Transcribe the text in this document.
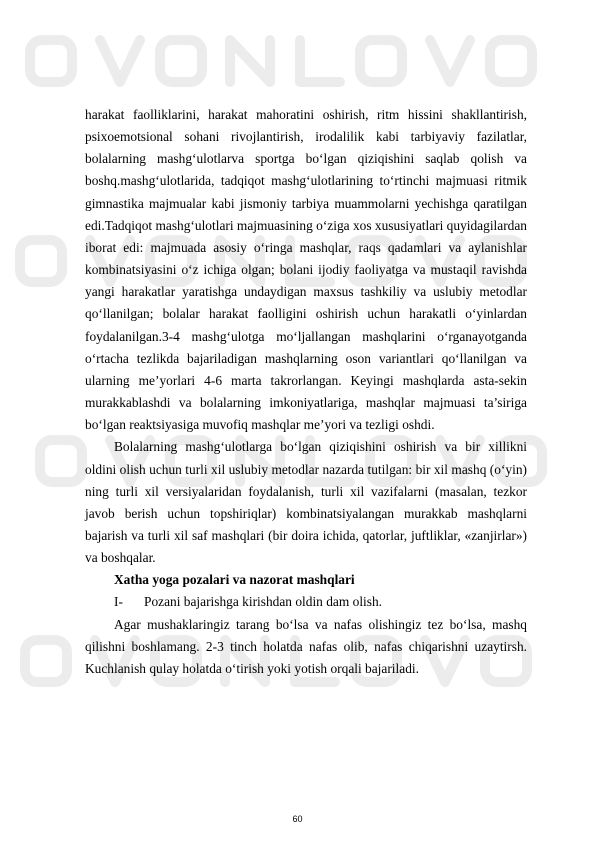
harakat faolliklarini, harakat mahoratini oshirish, ritm hissini shakllantirish, psixoemotsional sohani rivojlantirish, irodalilik kabi tarbiyaviy fazilatlar, bolalarning mashg‘ulotlarva sportga bo‘lgan qiziqishini saqlab qolish va boshq.mashg‘ulotlarida, tadqiqot mashg‘ulotlarining to‘rtinchi majmuasi ritmik gimnastika majmualar kabi jismoniy tarbiya muammolarni yechishga qaratilgan edi.Tadqiqot mashg‘ulotlari majmuasining o‘ziga xos xususiyatlari quyidagilardan iborat edi: majmuada asosiy o‘ringa mashqlar, raqs qadamlari va aylanishlar kombinatsiyasini o‘z ichiga olgan; bolani ijodiy faoliyatga va mustaqil ravishda yangi harakatlar yaratishga undaydigan maxsus tashkiliy va uslubiy metodlar qo‘llanilgan; bolalar harakat faolligini oshirish uchun harakatli o‘yinlardan foydalanilgan.3-4 mashg‘ulotga mo‘ljallangan mashqlarini o‘rganayotganda o‘rtacha tezlikda bajariladigan mashqlarning oson variantlari qo‘llanilgan va ularning me’yorlari 4-6 marta takrorlangan. Keyingi mashqlarda asta-sekin murakkablashdi va bolalarning imkoniyatlariga, mashqlar majmuasi ta’siriga bo‘lgan reaktsiyasiga muvofiq mashqlar me’yori va tezligi oshdi.

Bolalarning mashg‘ulotlarga bo‘lgan qiziqishini oshirish va bir xillikni oldini olish uchun turli xil uslubiy metodlar nazarda tutilgan: bir xil mashq (o‘yin) ning turli xil versiyalaridan foydalanish, turli xil vazifalarni (masalan, tezkor javob berish uchun topshiriqlar) kombinatsiyalangan murakkab mashqlarni bajarish va turli xil saf mashqlari (bir doira ichida, qatorlar, juftliklar, «zanjirlar») va boshqalar.

Xatha yoga pozalari va nazorat mashqlari

I-	Pozani bajarishga kirishdan oldin dam olish.

Agar mushaklaringiz tarang bo‘lsa va nafas olishingiz tez bo‘lsa, mashq qilishni boshlamang. 2-3 tinch holatda nafas olib, nafas chiqarishni uzaytirsh. Kuchlanish qulay holatda o‘tirish yoki yotish orqali bajariladi.

60
